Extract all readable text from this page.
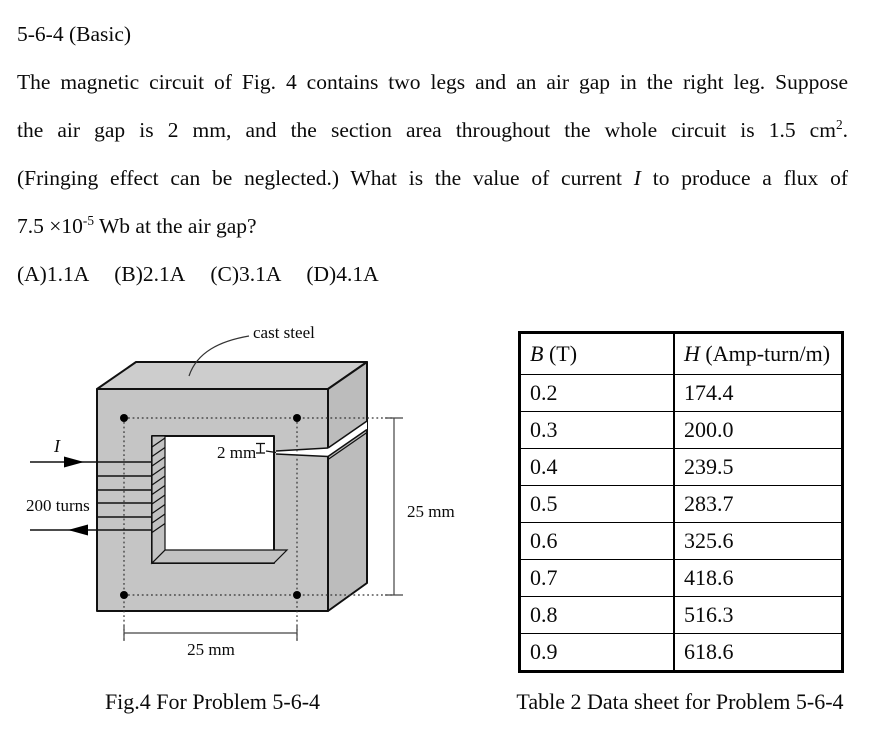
5-6-4 (Basic)
The magnetic circuit of Fig. 4 contains two legs and an air gap in the right leg. Suppose
the air gap is 2 mm, and the section area throughout the whole circuit is 1.5 $cm^2$.
(Fringing effect can be neglected.) What is the value of current I to produce a flux of
$7.5 \times 10^{-5}$ Wb at the air gap?
(A)1.1A (B)2.1A (C)3.1A (D)4.1A
cast steel
I
200 turns
2 mm
25 mm
25 mm
Fig.4 For Problem 5-6-4
B (T)	H (Amp-turn/m)
0.2	174.4
0.3	200.0
0.4	239.5
0.5	283.7
0.6	325.6
0.7	418.6
0.8	516.3
0.9	618.6
Table 2 Data sheet for Problem 5-6-4
